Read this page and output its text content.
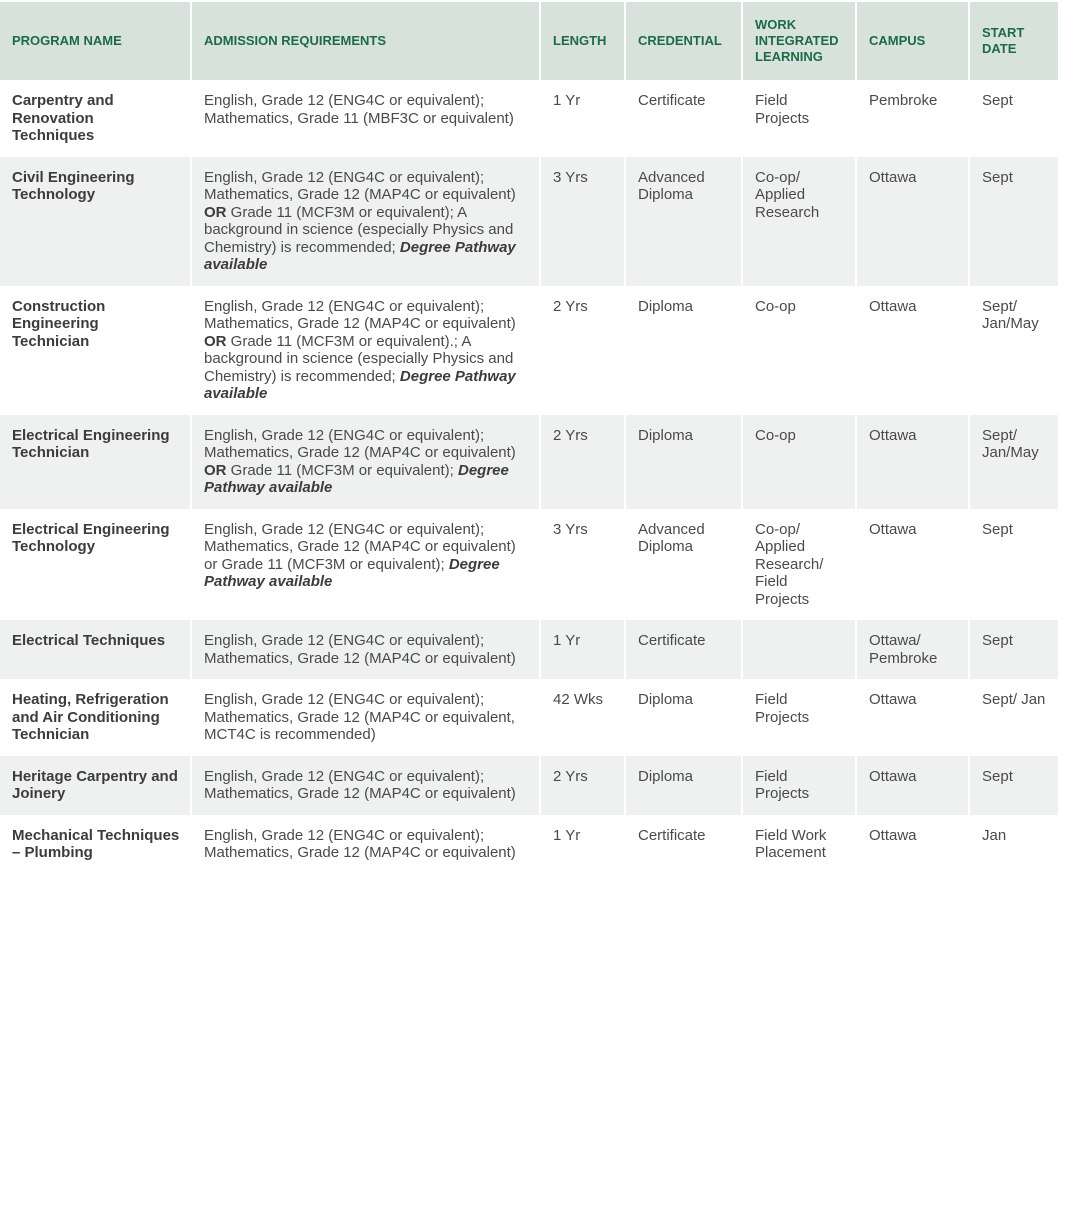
PROGRAM NAME	ADMISSION REQUIREMENTS	LENGTH	CREDENTIAL	WORK INTEGRATED LEARNING	CAMPUS	START DATE
Carpentry and Renovation Techniques	English, Grade 12 (ENG4C or equivalent); Mathematics, Grade 11 (MBF3C or equivalent)	1 Yr	Certificate	Field Projects	Pembroke	Sept
Civil Engineering Technology	English, Grade 12 (ENG4C or equivalent); Mathematics, Grade 12 (MAP4C or equivalent) OR Grade 11 (MCF3M or equivalent); A background in science (especially Physics and Chemistry) is recommended; Degree Pathway available	3 Yrs	Advanced Diploma	Co-op/ Applied Research	Ottawa	Sept
Construction Engineering Technician	English, Grade 12 (ENG4C or equivalent); Mathematics, Grade 12 (MAP4C or equivalent) OR Grade 11 (MCF3M or equivalent).; A background in science (especially Physics and Chemistry) is recommended; Degree Pathway available	2 Yrs	Diploma	Co-op	Ottawa	Sept/ Jan/May
Electrical Engineering Technician	English, Grade 12 (ENG4C or equivalent); Mathematics, Grade 12 (MAP4C or equivalent) OR Grade 11 (MCF3M or equivalent); Degree Pathway available	2 Yrs	Diploma	Co-op	Ottawa	Sept/ Jan/May
Electrical Engineering Technology	English, Grade 12 (ENG4C or equivalent); Mathematics, Grade 12 (MAP4C or equivalent) or Grade 11 (MCF3M or equivalent); Degree Pathway available	3 Yrs	Advanced Diploma	Co-op/ Applied Research/ Field Projects	Ottawa	Sept
Electrical Techniques	English, Grade 12 (ENG4C or equivalent); Mathematics, Grade 12 (MAP4C or equivalent)	1 Yr	Certificate		Ottawa/ Pembroke	Sept
Heating, Refrigeration and Air Conditioning Technician	English, Grade 12 (ENG4C or equivalent); Mathematics, Grade 12 (MAP4C or equivalent, MCT4C is recommended)	42 Wks	Diploma	Field Projects	Ottawa	Sept/ Jan
Heritage Carpentry and Joinery	English, Grade 12 (ENG4C or equivalent); Mathematics, Grade 12 (MAP4C or equivalent)	2 Yrs	Diploma	Field Projects	Ottawa	Sept
Mechanical Techniques – Plumbing	English, Grade 12 (ENG4C or equivalent); Mathematics, Grade 12 (MAP4C or equivalent)	1 Yr	Certificate	Field Work Placement	Ottawa	Jan
